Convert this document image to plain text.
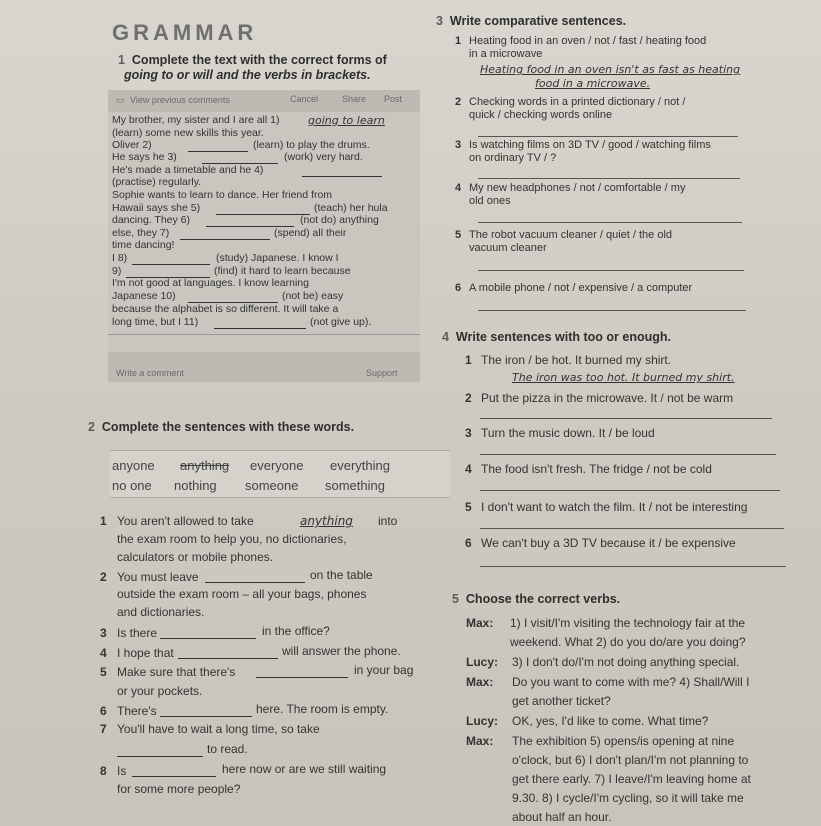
GRAMMAR
1 Complete the text with the correct forms of
going to or will and the verbs in brackets.
▭ View previous comments	Cancel	Share Post
My brother, my sister and I are all 1)	going to learn
(learn) some new skills this year.
Oliver 2)	(learn) to play the drums.
He says he 3)	(work) very hard.
He's made a timetable and he 4)
(practise) regularly.
Sophie wants to learn to dance. Her friend from
Hawaii says she 5)	(teach) her hula
dancing. They 6)	(not do) anything
else, they 7)	(spend) all their
time dancing!
I 8)	(study) Japanese. I know I
9)	(find) it hard to learn because
I'm not good at languages. I know learning
Japanese 10)	(not be) easy
because the alphabet is so different. It will take a
long time, but I 11)	(not give up).
Write a comment	Support
2 Complete the sentences with these words.
anyone anything everyone everything
no one nothing someone something
1 You aren't allowed to take	anything into
the exam room to help you, no dictionaries,
calculators or mobile phones.
2 You must leave	on the table
outside the exam room – all your bags, phones
and dictionaries.
3 Is there	in the office?
4 I hope that	will answer the phone.
5 Make sure that there's	in your bag
or your pockets.
6 There's	here. The room is empty.
7 You'll have to wait a long time, so take
to read.
8 Is	here now or are we still waiting
for some more people?
3 Write comparative sentences.
1 Heating food in an oven / not / fast / heating food
in a microwave
Heating food in an oven isn't as fast as heating
food in a microwave.
2 Checking words in a printed dictionary / not /
quick / checking words online
3 Is watching films on 3D TV / good / watching films
on ordinary TV / ?
4 My new headphones / not / comfortable / my
old ones
5 The robot vacuum cleaner / quiet / the old
vacuum cleaner
6 A mobile phone / not / expensive / a computer
4 Write sentences with too or enough.
1 The iron / be hot. It burned my shirt.
The iron was too hot. It burned my shirt.
2 Put the pizza in the microwave. It / not be warm
3 Turn the music down. It / be loud
4 The food isn't fresh. The fridge / not be cold
5 I don't want to watch the film. It / not be interesting
6 We can't buy a 3D TV because it / be expensive
5 Choose the correct verbs.
Max: 1) I visit/I'm visiting the technology fair at the
weekend. What 2) do you do/are you doing?
Lucy: 3) I don't do/I'm not doing anything special.
Max: Do you want to come with me? 4) Shall/Will I
get another ticket?
Lucy: OK, yes, I'd like to come. What time?
Max: The exhibition 5) opens/is opening at nine
o'clock, but 6) I don't plan/I'm not planning to
get there early. 7) I leave/I'm leaving home at
9.30. 8) I cycle/I'm cycling, so it will take me
about half an hour.
